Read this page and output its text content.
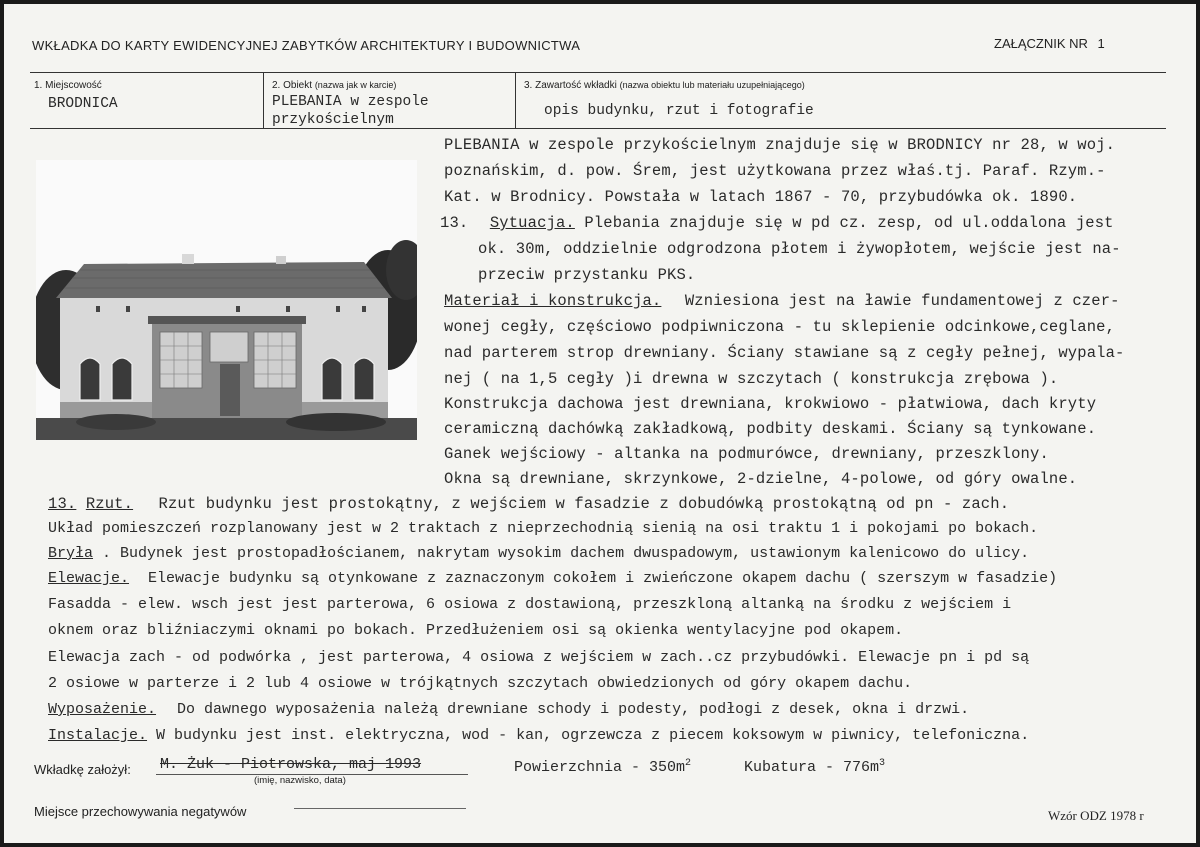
WKŁADKA DO KARTY EWIDENCYJNEJ ZABYTKÓW ARCHITEKTURY I BUDOWNICTWA	ZAŁĄCZNIK NR 1
1. Miejscowość
BRODNICA
2. Obiekt (nazwa jak w karcie)
PLEBANIA w zespole
przykościelnym
3. Zawartość wkładki (nazwa obiektu lub materiału uzupełniającego)
opis budynku, rzut i fotografie
PLEBANIA w zespole przykościelnym znajduje się w BRODNICY nr 28, w woj.
poznańskim, d. pow. Śrem, jest użytkowana przez właś.tj. Paraf. Rzym.-
Kat. w Brodnicy. Powstała w latach 1867 - 70, przybudówka ok. 1890.
13. Sytuacja. Plebania znajduje się w pd cz. zesp, od ul.oddalona jest
ok. 30m, oddzielnie odgrodzona płotem i żywopłotem, wejście jest na-
przeciw przystanku PKS.
Materiał i konstrukcja. Wzniesiona jest na ławie fundamentowej z czer-
wonej cegły, częściowo podpiwniczona - tu sklepienie odcinkowe,ceglane,
nad parterem strop drewniany. Ściany stawiane są z cegły pełnej, wypala-
nej ( na 1,5 cegły )i drewna w szczytach ( konstrukcja zrębowa ).
Konstrukcja dachowa jest drewniana, krokwiowo - płatwiowa, dach kryty
ceramiczną dachówką zakładkową, podbity deskami. Ściany są tynkowane.
Ganek wejściowy - altanka na podmurówce, drewniany, przeszklony.
Okna są drewniane, skrzynkowe, 2-dzielne, 4-polowe, od góry owalne.
13. Rzut. Rzut budynku jest prostokątny, z wejściem w fasadzie z dobudówką prostokątną od pn - zach.
Układ pomieszczeń rozplanowany jest w 2 traktach z nieprzechodnią sienią na osi traktu 1 i pokojami po bokach.
Bryła . Budynek jest prostopadłościanem, nakrytam wysokim dachem dwuspadowym, ustawionym kalenicowo do ulicy.
Elewacje. Elewacje budynku są otynkowane z zaznaczonym cokołem i zwieńczone okapem dachu ( szerszym w fasadzie)
Fasadda - elew. wsch jest jest parterowa, 6 osiowa z dostawioną, przeszkloną altanką na środku z wejściem i
oknem oraz bliźniaczymi oknami po bokach. Przedłużeniem osi są okienka wentylacyjne pod okapem.
Elewacja zach - od podwórka , jest parterowa, 4 osiowa z wejściem w zach..cz przybudówki. Elewacje pn i pd są
2 osiowe w parterze i 2 lub 4 osiowe w trójkątnych szczytach obwiedzionych od góry okapem dachu.
Wyposażenie. Do dawnego wyposażenia należą drewniane schody i podesty, podłogi z desek, okna i drzwi.
Instalacje. W budynku jest inst. elektryczna, wod - kan, ogrzewcza z piecem koksowym w piwnicy, telefoniczna.
Wkładkę założył: M. Żuk - Piotrowska, maj 1993
(imię, nazwisko, data)
Powierzchnia - $350m^2$	Kubatura - $776m^3$
Miejsce przechowywania negatywów	Wzór ODZ 1978 r
